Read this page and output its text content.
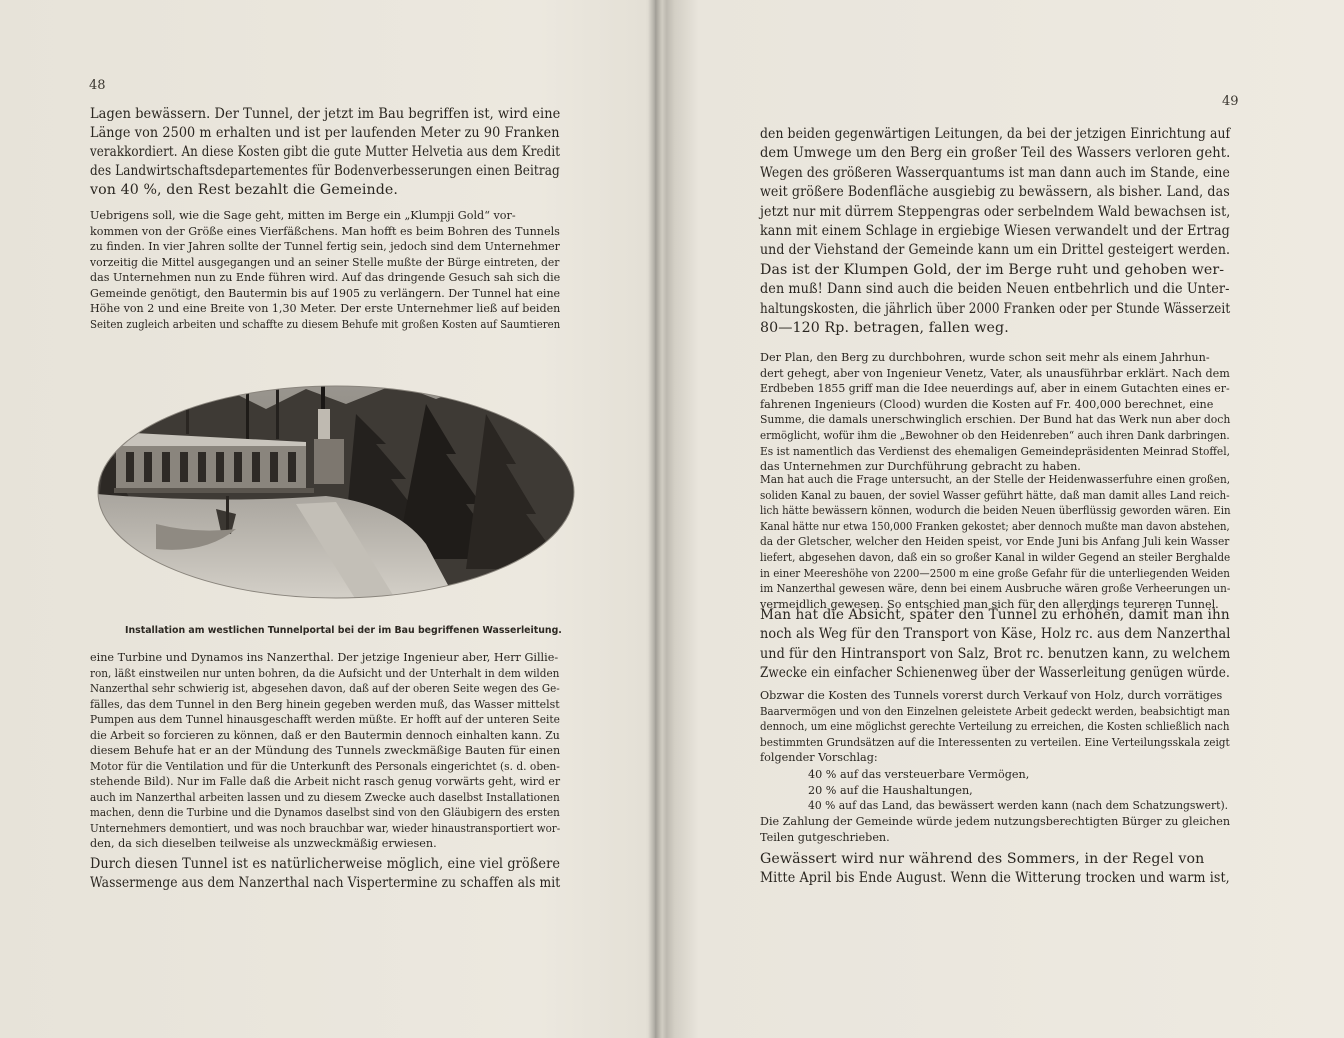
48
Lagen bewässern. Der Tunnel, der jetzt im Bau begriffen ist, wird eine
Länge von 2500 m erhalten und ist per laufenden Meter zu 90 Franken
verakkordiert. An diese Kosten gibt die gute Mutter Helvetia aus dem Kredit
des Landwirtschaftsdepartementes für Bodenverbesserungen einen Beitrag
von 40 %, den Rest bezahlt die Gemeinde.
Uebrigens soll, wie die Sage geht, mitten im Berge ein „Klumpji Gold“ vor-
kommen von der Größe eines Vierfäßchens. Man hofft es beim Bohren des Tunnels
zu finden. In vier Jahren sollte der Tunnel fertig sein, jedoch sind dem Unternehmer
vorzeitig die Mittel ausgegangen und an seiner Stelle mußte der Bürge eintreten, der
das Unternehmen nun zu Ende führen wird. Auf das dringende Gesuch sah sich die
Gemeinde genötigt, den Bautermin bis auf 1905 zu verlängern. Der Tunnel hat eine
Höhe von 2 und eine Breite von 1,30 Meter. Der erste Unternehmer ließ auf beiden
Seiten zugleich arbeiten und schaffte zu diesem Behufe mit großen Kosten auf Saumtieren
Installation am westlichen Tunnelportal bei der im Bau begriffenen Wasserleitung.
eine Turbine und Dynamos ins Nanzerthal. Der jetzige Ingenieur aber, Herr Gillie-
ron, läßt einstweilen nur unten bohren, da die Aufsicht und der Unterhalt in dem wilden
Nanzerthal sehr schwierig ist, abgesehen davon, daß auf der oberen Seite wegen des Ge-
fälles, das dem Tunnel in den Berg hinein gegeben werden muß, das Wasser mittelst
Pumpen aus dem Tunnel hinausgeschafft werden müßte. Er hofft auf der unteren Seite
die Arbeit so forcieren zu können, daß er den Bautermin dennoch einhalten kann. Zu
diesem Behufe hat er an der Mündung des Tunnels zweckmäßige Bauten für einen
Motor für die Ventilation und für die Unterkunft des Personals eingerichtet (s. d. oben-
stehende Bild). Nur im Falle daß die Arbeit nicht rasch genug vorwärts geht, wird er
auch im Nanzerthal arbeiten lassen und zu diesem Zwecke auch daselbst Installationen
machen, denn die Turbine und die Dynamos daselbst sind von den Gläubigern des ersten
Unternehmers demontiert, und was noch brauchbar war, wieder hinaustransportiert wor-
den, da sich dieselben teilweise als unzweckmäßig erwiesen.
Durch diesen Tunnel ist es natürlicherweise möglich, eine viel größere
Wassermenge aus dem Nanzerthal nach Vispertermine zu schaffen als mit
49
den beiden gegenwärtigen Leitungen, da bei der jetzigen Einrichtung auf
dem Umwege um den Berg ein großer Teil des Wassers verloren geht.
Wegen des größeren Wasserquantums ist man dann auch im Stande, eine
weit größere Bodenfläche ausgiebig zu bewässern, als bisher. Land, das
jetzt nur mit dürrem Steppengras oder serbelndem Wald bewachsen ist,
kann mit einem Schlage in ergiebige Wiesen verwandelt und der Ertrag
und der Viehstand der Gemeinde kann um ein Drittel gesteigert werden.
Das ist der Klumpen Gold, der im Berge ruht und gehoben wer-
den muß! Dann sind auch die beiden Neuen entbehrlich und die Unter-
haltungskosten, die jährlich über 2000 Franken oder per Stunde Wässerzeit
80—120 Rp. betragen, fallen weg.
Der Plan, den Berg zu durchbohren, wurde schon seit mehr als einem Jahrhun-
dert gehegt, aber von Ingenieur Venetz, Vater, als unausführbar erklärt. Nach dem
Erdbeben 1855 griff man die Idee neuerdings auf, aber in einem Gutachten eines er-
fahrenen Ingenieurs (Clood) wurden die Kosten auf Fr. 400,000 berechnet, eine
Summe, die damals unerschwinglich erschien. Der Bund hat das Werk nun aber doch
ermöglicht, wofür ihm die „Bewohner ob den Heidenreben“ auch ihren Dank darbringen.
Es ist namentlich das Verdienst des ehemaligen Gemeindepräsidenten Meinrad Stoffel,
das Unternehmen zur Durchführung gebracht zu haben.
Man hat auch die Frage untersucht, an der Stelle der Heidenwasserfuhre einen großen,
soliden Kanal zu bauen, der soviel Wasser geführt hätte, daß man damit alles Land reich-
lich hätte bewässern können, wodurch die beiden Neuen überflüssig geworden wären. Ein
Kanal hätte nur etwa 150,000 Franken gekostet; aber dennoch mußte man davon abstehen,
da der Gletscher, welcher den Heiden speist, vor Ende Juni bis Anfang Juli kein Wasser
liefert, abgesehen davon, daß ein so großer Kanal in wilder Gegend an steiler Berghalde
in einer Meereshöhe von 2200—2500 m eine große Gefahr für die unterliegenden Weiden
im Nanzerthal gewesen wäre, denn bei einem Ausbruche wären große Verheerungen un-
vermeidlich gewesen. So entschied man sich für den allerdings teureren Tunnel.
Man hat die Absicht, später den Tunnel zu erhöhen, damit man ihn
noch als Weg für den Transport von Käse, Holz rc. aus dem Nanzerthal
und für den Hintransport von Salz, Brot rc. benutzen kann, zu welchem
Zwecke ein einfacher Schienenweg über der Wasserleitung genügen würde.
Obzwar die Kosten des Tunnels vorerst durch Verkauf von Holz, durch vorrätiges
Baarvermögen und von den Einzelnen geleistete Arbeit gedeckt werden, beabsichtigt man
dennoch, um eine möglichst gerechte Verteilung zu erreichen, die Kosten schließlich nach
bestimmten Grundsätzen auf die Interessenten zu verteilen. Eine Verteilungsskala zeigt
folgender Vorschlag:
40 % auf das versteuerbare Vermögen,
20 % auf die Haushaltungen,
40 % auf das Land, das bewässert werden kann (nach dem Schatzungswert).
Die Zahlung der Gemeinde würde jedem nutzungsberechtigten Bürger zu gleichen
Teilen gutgeschrieben.
Gewässert wird nur während des Sommers, in der Regel von
Mitte April bis Ende August. Wenn die Witterung trocken und warm ist,
